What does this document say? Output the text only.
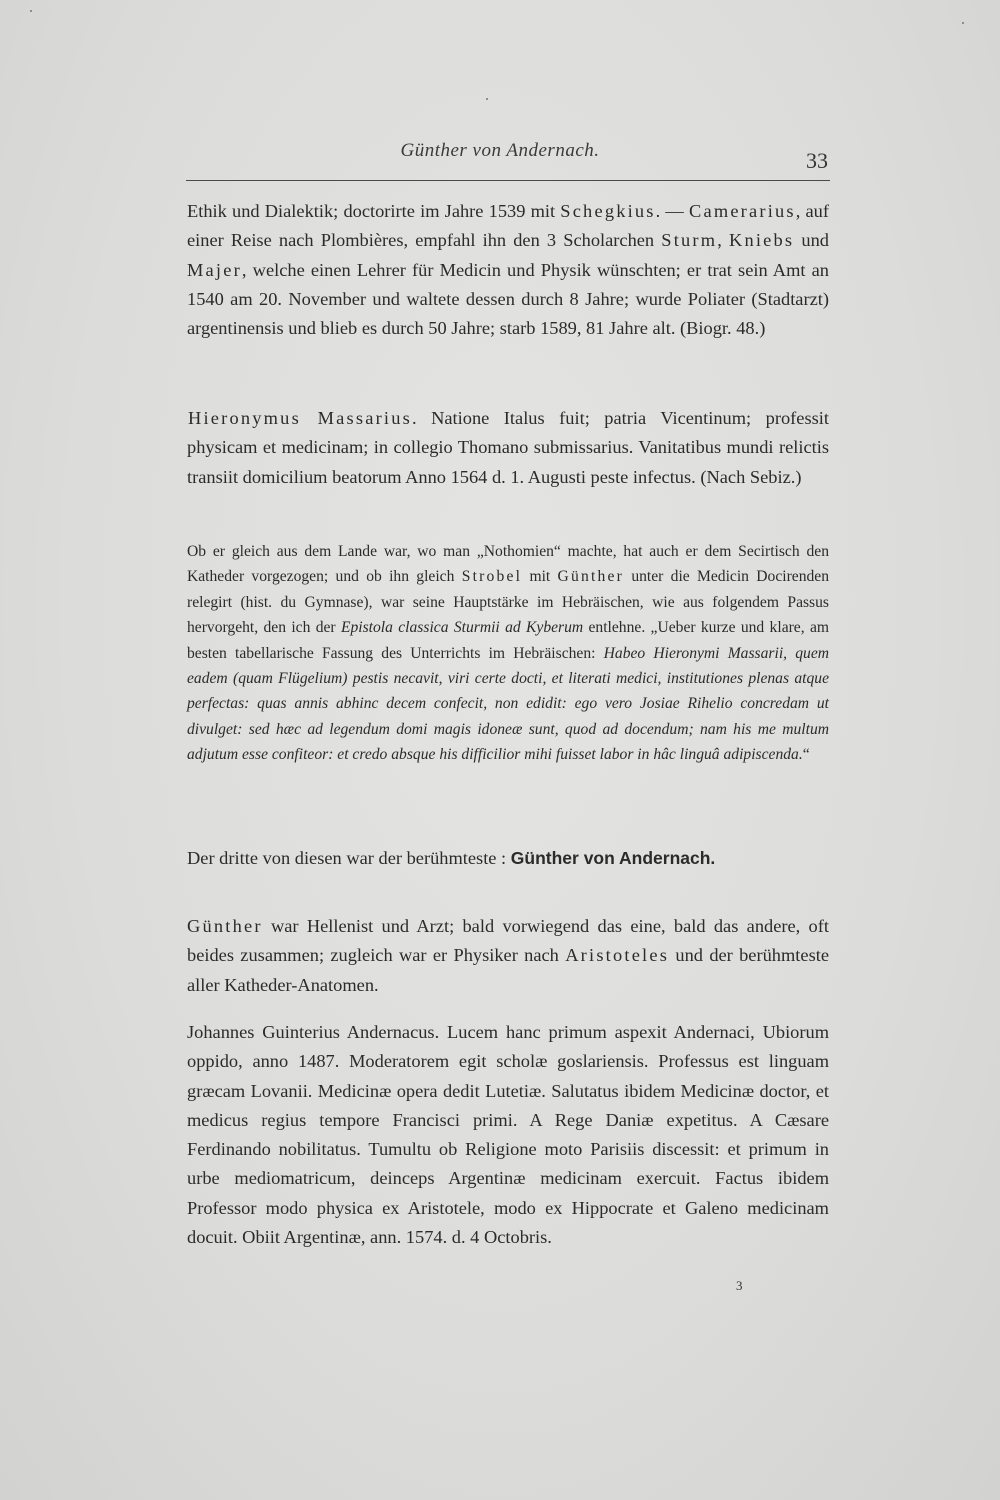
Günther von Andernach.	33

Ethik und Dialektik; doctorirte im Jahre 1539 mit Schegkius. — Camerarius, auf einer Reise nach Plombières, empfahl ihn den 3 Scholarchen Sturm, Kniebs und Majer, welche einen Lehrer für Medicin und Physik wünschten; er trat sein Amt an 1540 am 20. November und waltete dessen durch 8 Jahre; wurde Poliater (Stadtarzt) argentinensis und blieb es durch 50 Jahre; starb 1589, 81 Jahre alt. (Biogr. 48.)

Hieronymus Massarius. Natione Italus fuit; patria Vicentinum; professit physicam et medicinam; in collegio Thomano submissarius. Vanitatibus mundi relictis transiit domicilium beatorum Anno 1564 d. 1. Augusti peste infectus. (Nach Sebiz.)

Ob er gleich aus dem Lande war, wo man „Nothomien“ machte, hat auch er dem Secirtisch den Katheder vorgezogen; und ob ihn gleich Strobel mit Günther unter die Medicin Docirenden relegirt (hist. du Gymnase), war seine Hauptstärke im Hebräischen, wie aus folgendem Passus hervorgeht, den ich der Epistola classica Sturmii ad Kyberum entlehne. „Ueber kurze und klare, am besten tabellarische Fassung des Unterrichts im Hebräischen: Habeo Hieronymi Massarii, quem eadem (quam Flügelium) pestis necavit, viri certe docti, et literati medici, institutiones plenas atque perfectas: quas annis abhinc decem confecit, non edidit: ego vero Josiae Rihelio concredam ut divulget: sed hæc ad legendum domi magis idoneæ sunt, quod ad docendum; nam his me multum adjutum esse confiteor: et credo absque his difficilior mihi fuisset labor in hâc linguâ adipiscenda.“

Der dritte von diesen war der berühmteste : Günther von Andernach.

Günther war Hellenist und Arzt; bald vorwiegend das eine, bald das andere, oft beides zusammen; zugleich war er Physiker nach Aristoteles und der berühmteste aller Katheder-Anatomen.

Johannes Guinterius Andernacus. Lucem hanc primum aspexit Andernaci, Ubiorum oppido, anno 1487. Moderatorem egit scholæ goslariensis. Professus est linguam græcam Lovanii. Medicinæ opera dedit Lutetiæ. Salutatus ibidem Medicinæ doctor, et medicus regius tempore Francisci primi. A Rege Daniæ expetitus. A Cæsare Ferdinando nobilitatus. Tumultu ob Religione moto Parisiis discessit: et primum in urbe mediomatricum, deinceps Argentinæ medicinam exercuit. Factus ibidem Professor modo physica ex Aristotele, modo ex Hippocrate et Galeno medicinam docuit. Obiit Argentinæ, ann. 1574. d. 4 Octobris.

3
